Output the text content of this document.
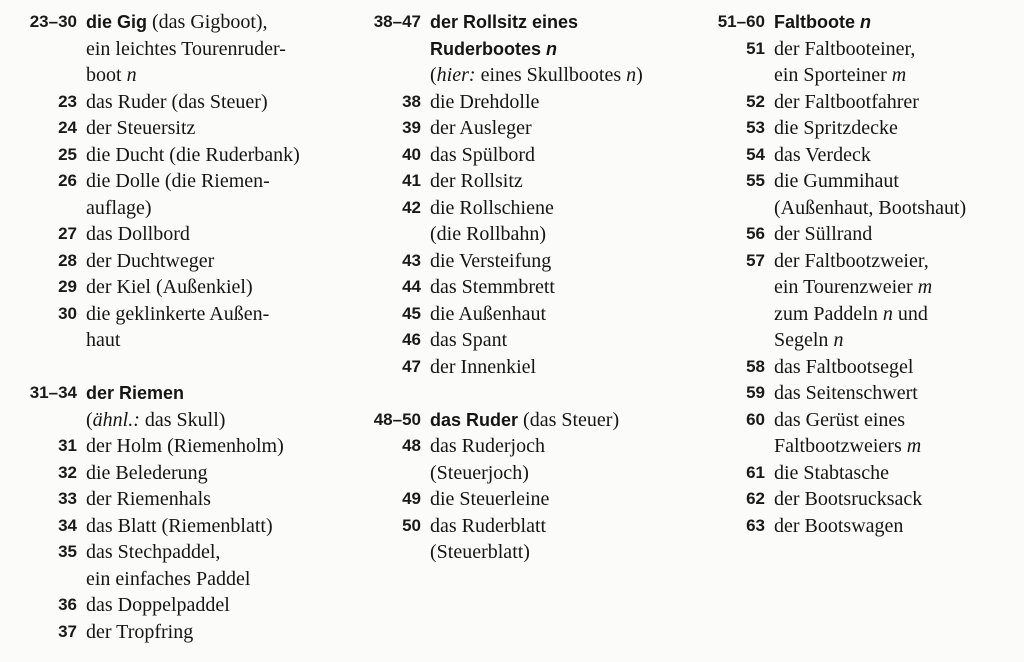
23–30 die Gig (das Gigboot),
ein leichtes Tourenruder-
boot n
23 das Ruder (das Steuer)
24 der Steuersitz
25 die Ducht (die Ruderbank)
26 die Dolle (die Riemen-
auflage)
27 das Dollbord
28 der Duchtweger
29 der Kiel (Außenkiel)
30 die geklinkerte Außen-
haut
31–34 der Riemen
(ähnl.: das Skull)
31 der Holm (Riemenholm)
32 die Belederung
33 der Riemenhals
34 das Blatt (Riemenblatt)
35 das Stechpaddel,
ein einfaches Paddel
36 das Doppelpaddel
37 der Tropfring
38–47 der Rollsitz eines
Ruderbootes n
(hier: eines Skullbootes n)
38 die Drehdolle
39 der Ausleger
40 das Spülbord
41 der Rollsitz
42 die Rollschiene
(die Rollbahn)
43 die Versteifung
44 das Stemmbrett
45 die Außenhaut
46 das Spant
47 der Innenkiel
48–50 das Ruder (das Steuer)
48 das Ruderjoch
(Steuerjoch)
49 die Steuerleine
50 das Ruderblatt
(Steuerblatt)
51–60 Faltboote n
51 der Faltbooteiner,
ein Sporteiner m
52 der Faltbootfahrer
53 die Spritzdecke
54 das Verdeck
55 die Gummihaut
(Außenhaut, Bootshaut)
56 der Süllrand
57 der Faltbootzweier,
ein Tourenzweier m
zum Paddeln n und
Segeln n
58 das Faltbootsegel
59 das Seitenschwert
60 das Gerüst eines
Faltbootzweiers m
61 die Stabtasche
62 der Bootsrucksack
63 der Bootswagen
